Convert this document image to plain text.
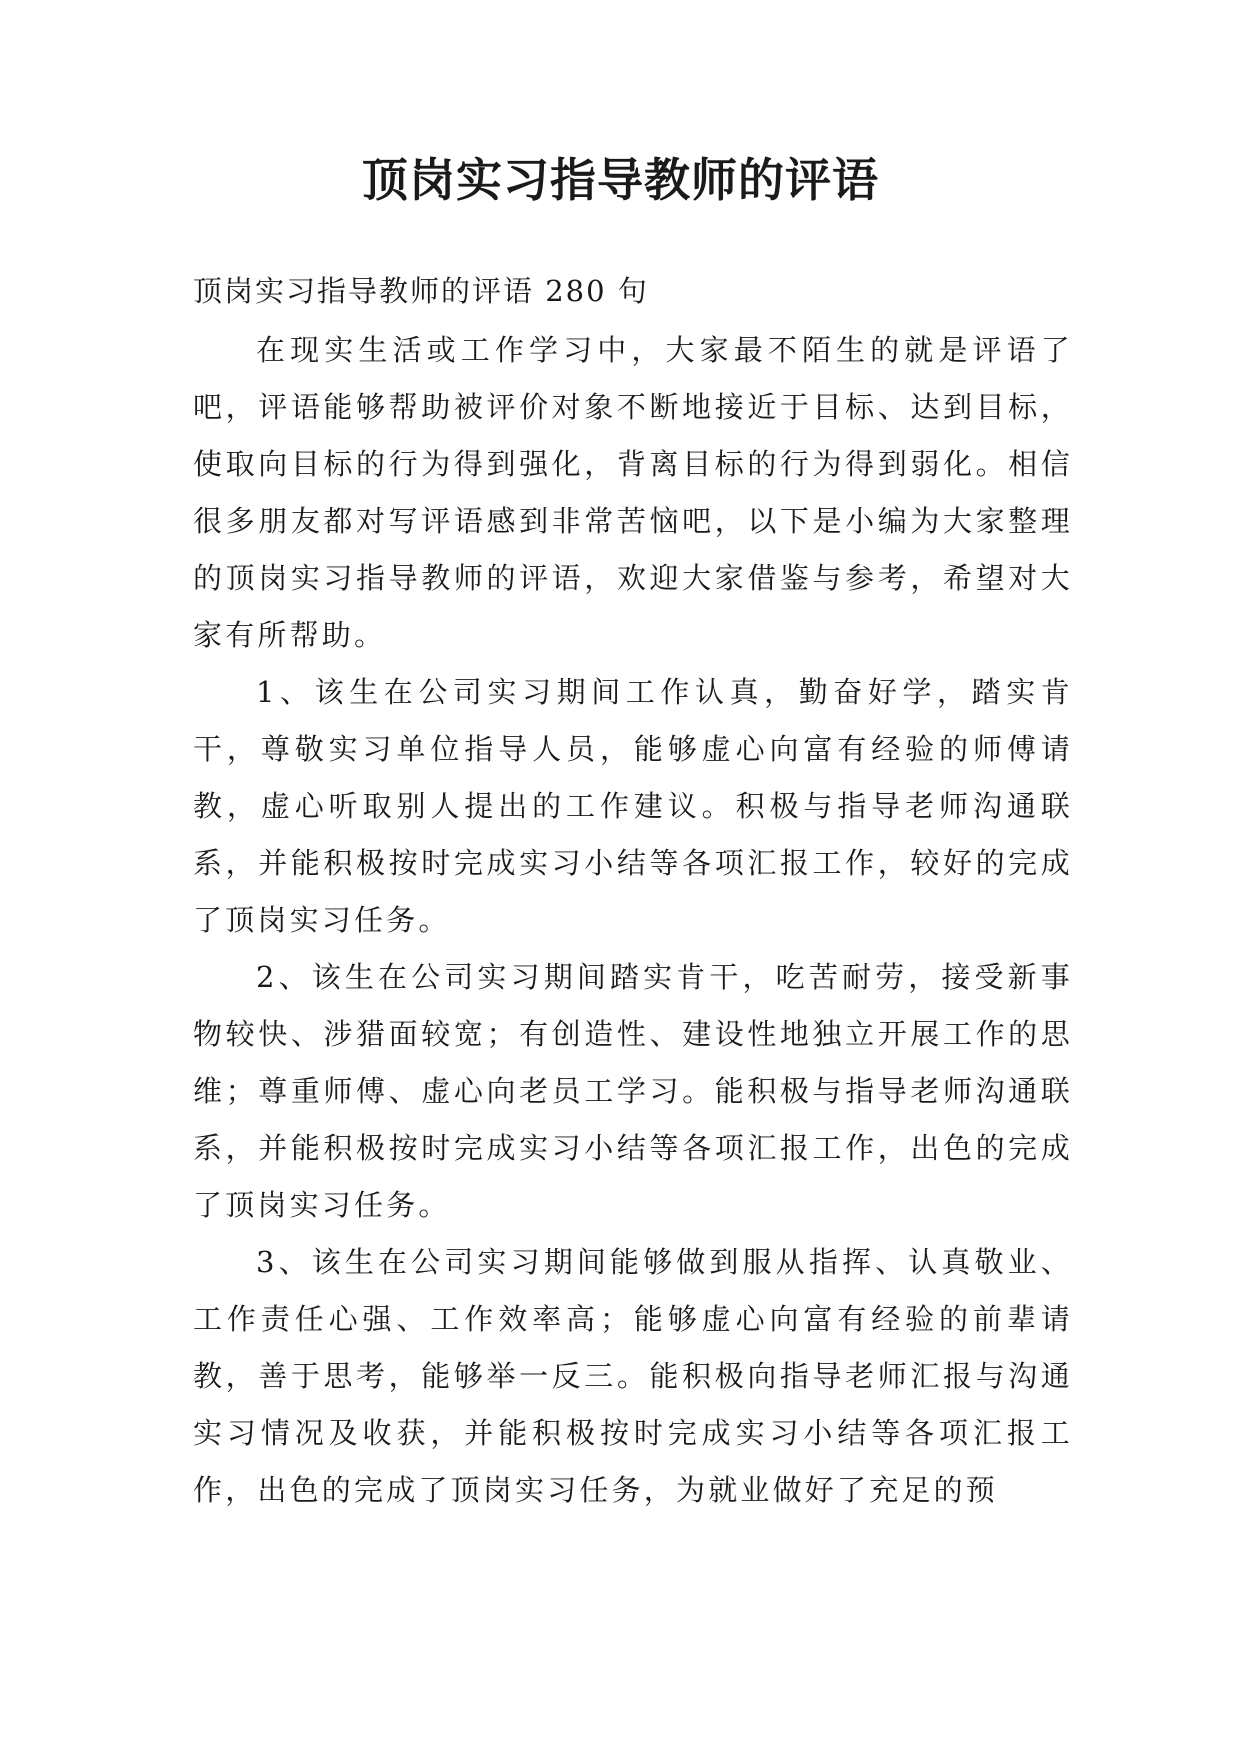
顶岗实习指导教师的评语

顶岗实习指导教师的评语 280 句

在现实生活或工作学习中，大家最不陌生的就是评语了吧，评语能够帮助被评价对象不断地接近于目标、达到目标，使取向目标的行为得到强化，背离目标的行为得到弱化。相信很多朋友都对写评语感到非常苦恼吧，以下是小编为大家整理的顶岗实习指导教师的评语，欢迎大家借鉴与参考，希望对大家有所帮助。

1、该生在公司实习期间工作认真，勤奋好学，踏实肯干，尊敬实习单位指导人员，能够虚心向富有经验的师傅请教，虚心听取别人提出的工作建议。积极与指导老师沟通联系，并能积极按时完成实习小结等各项汇报工作，较好的完成了顶岗实习任务。

2、该生在公司实习期间踏实肯干，吃苦耐劳，接受新事物较快、涉猎面较宽；有创造性、建设性地独立开展工作的思维；尊重师傅、虚心向老员工学习。能积极与指导老师沟通联系，并能积极按时完成实习小结等各项汇报工作，出色的完成了顶岗实习任务。

3、该生在公司实习期间能够做到服从指挥、认真敬业、工作责任心强、工作效率高；能够虚心向富有经验的前辈请教，善于思考，能够举一反三。能积极向指导老师汇报与沟通实习情况及收获，并能积极按时完成实习小结等各项汇报工作，出色的完成了顶岗实习任务，为就业做好了充足的预
